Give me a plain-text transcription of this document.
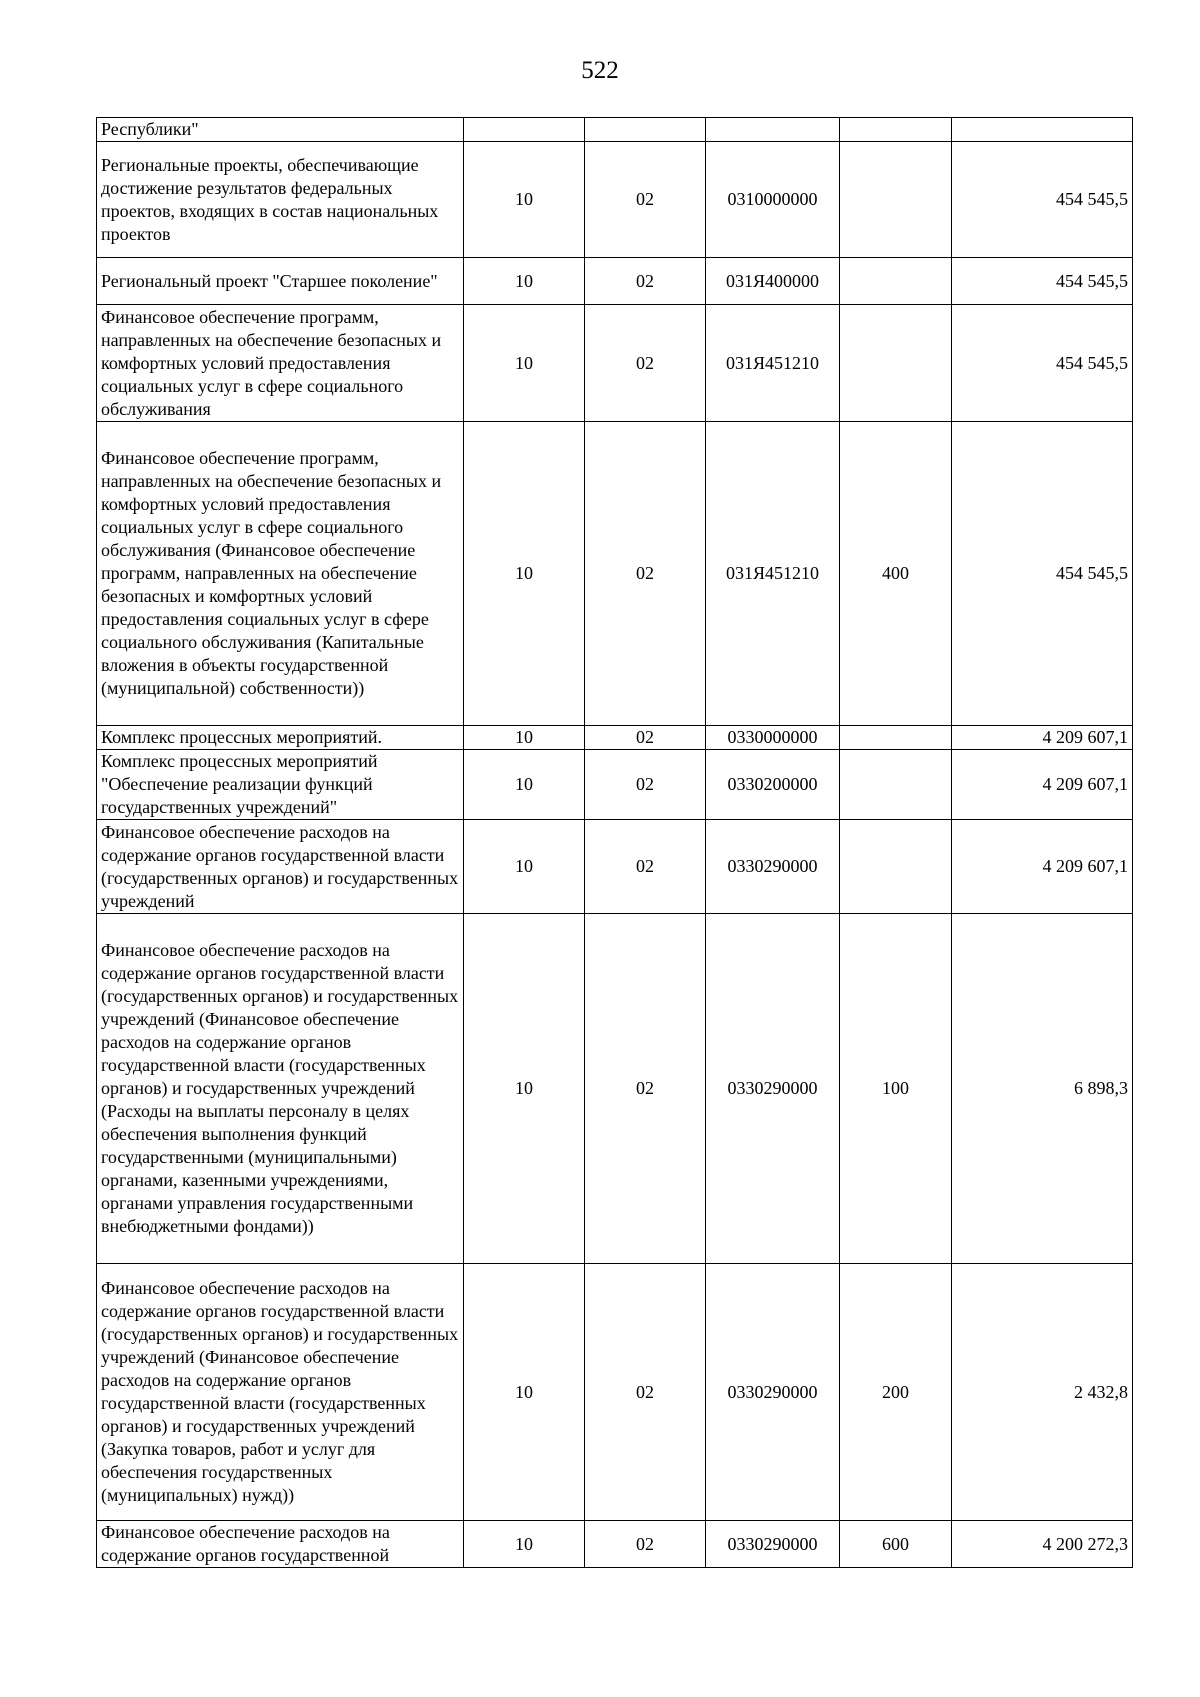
522
Республики"					
Региональные проекты, обеспечивающие достижение результатов федеральных проектов, входящих в состав национальных проектов	10	02	0310000000		454 545,5
Региональный проект "Старшее поколение"	10	02	031Я400000		454 545,5
Финансовое обеспечение программ, направленных на обеспечение безопасных и комфортных условий предоставления социальных услуг в сфере социального обслуживания	10	02	031Я451210		454 545,5
Финансовое обеспечение программ, направленных на обеспечение безопасных и комфортных условий предоставления социальных услуг в сфере социального обслуживания (Финансовое обеспечение программ, направленных на обеспечение безопасных и комфортных условий предоставления социальных услуг в сфере социального обслуживания (Капитальные вложения в объекты государственной (муниципальной) собственности))	10	02	031Я451210	400	454 545,5
Комплекс процессных мероприятий.	10	02	0330000000		4 209 607,1
Комплекс процессных мероприятий "Обеспечение реализации функций государственных учреждений"	10	02	0330200000		4 209 607,1
Финансовое обеспечение расходов на содержание органов государственной власти (государственных органов) и государственных учреждений	10	02	0330290000		4 209 607,1
Финансовое обеспечение расходов на содержание органов государственной власти (государственных органов) и государственных учреждений (Финансовое обеспечение расходов на содержание органов государственной власти (государственных органов) и государственных учреждений (Расходы на выплаты персоналу в целях обеспечения выполнения функций государственными (муниципальными) органами, казенными учреждениями, органами управления государственными внебюджетными фондами))	10	02	0330290000	100	6 898,3
Финансовое обеспечение расходов на содержание органов государственной власти (государственных органов) и государственных учреждений (Финансовое обеспечение расходов на содержание органов государственной власти (государственных органов) и государственных учреждений (Закупка товаров, работ и услуг для обеспечения государственных (муниципальных) нужд))	10	02	0330290000	200	2 432,8
Финансовое обеспечение расходов на содержание органов государственной	10	02	0330290000	600	4 200 272,3
